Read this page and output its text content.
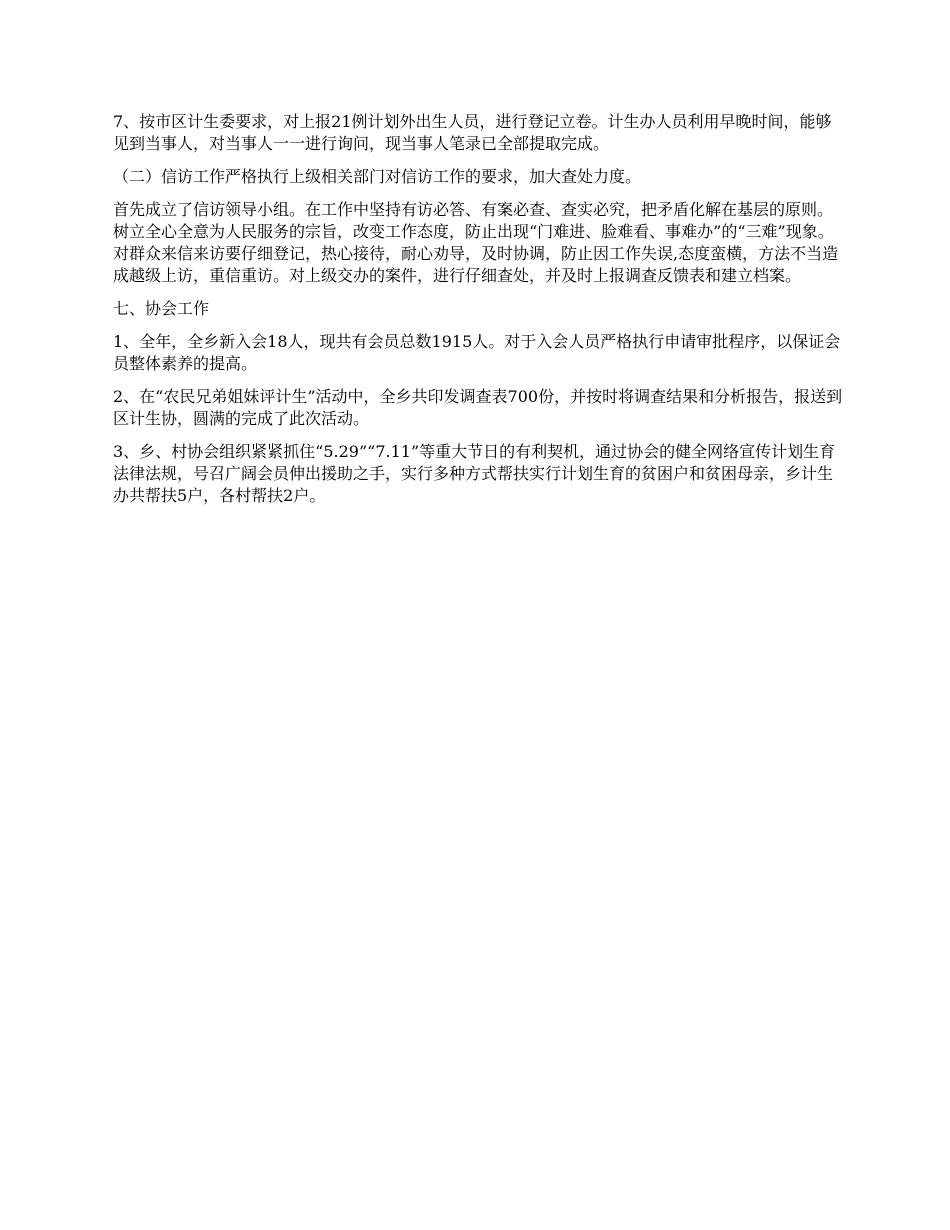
7、按市区计生委要求，对上报21例计划外出生人员，进行登记立卷。计生办人员利用早晚时间，能够见到当事人，对当事人一一进行询问，现当事人笔录已全部提取完成。

（二）信访工作严格执行上级相关部门对信访工作的要求，加大查处力度。

首先成立了信访领导小组。在工作中坚持有访必答、有案必查、查实必究，把矛盾化解在基层的原则。树立全心全意为人民服务的宗旨，改变工作态度，防止出现“门难进、脸难看、事难办”的“三难”现象。对群众来信来访要仔细登记，热心接待，耐心劝导，及时协调，防止因工作失误,态度蛮横，方法不当造成越级上访，重信重访。对上级交办的案件，进行仔细查处，并及时上报调查反馈表和建立档案。

七、协会工作

1、全年，全乡新入会18人，现共有会员总数1915人。对于入会人员严格执行申请审批程序，以保证会员整体素养的提高。

2、在“农民兄弟姐妹评计生”活动中，全乡共印发调查表700份，并按时将调查结果和分析报告，报送到区计生协，圆满的完成了此次活动。

3、乡、村协会组织紧紧抓住“5.29”“7.11”等重大节日的有利契机，通过协会的健全网络宣传计划生育法律法规，号召广阔会员伸出援助之手，实行多种方式帮扶实行计划生育的贫困户和贫困母亲，乡计生办共帮扶5户，各村帮扶2户。
